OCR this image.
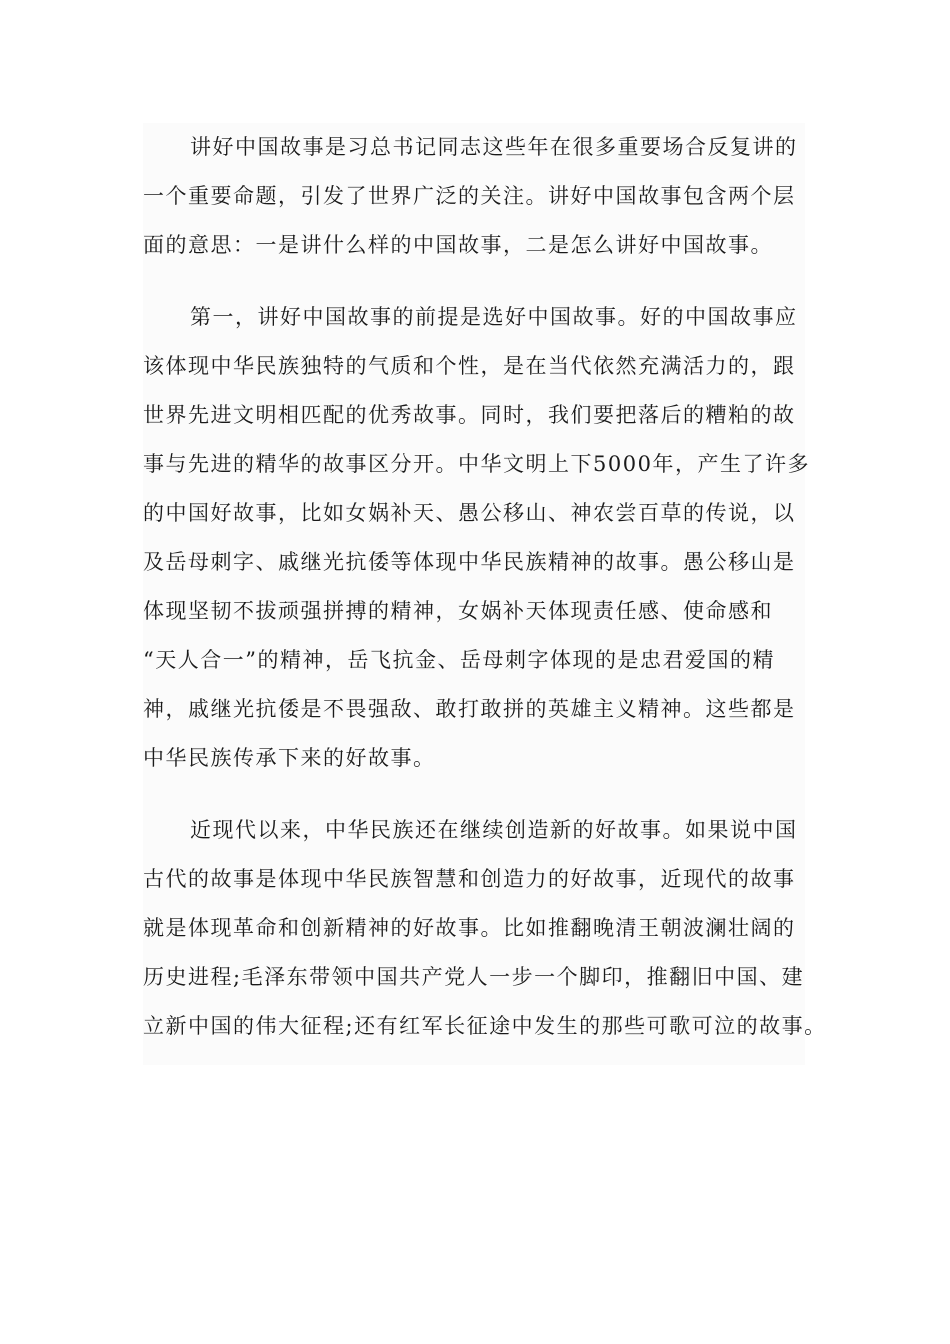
讲好中国故事是习总书记同志这些年在很多重要场合反复讲的
一个重要命题，引发了世界广泛的关注。讲好中国故事包含两个层
面的意思：一是讲什么样的中国故事，二是怎么讲好中国故事。
第一，讲好中国故事的前提是选好中国故事。好的中国故事应
该体现中华民族独特的气质和个性，是在当代依然充满活力的，跟
世界先进文明相匹配的优秀故事。同时，我们要把落后的糟粕的故
事与先进的精华的故事区分开。中华文明上下5000年，产生了许多
的中国好故事，比如女娲补天、愚公移山、神农尝百草的传说，以
及岳母刺字、戚继光抗倭等体现中华民族精神的故事。愚公移山是
体现坚韧不拔顽强拼搏的精神，女娲补天体现责任感、使命感和
“天人合一”的精神，岳飞抗金、岳母刺字体现的是忠君爱国的精
神，戚继光抗倭是不畏强敌、敢打敢拼的英雄主义精神。这些都是
中华民族传承下来的好故事。
近现代以来，中华民族还在继续创造新的好故事。如果说中国
古代的故事是体现中华民族智慧和创造力的好故事，近现代的故事
就是体现革命和创新精神的好故事。比如推翻晚清王朝波澜壮阔的
历史进程;毛泽东带领中国共产党人一步一个脚印，推翻旧中国、建
立新中国的伟大征程;还有红军长征途中发生的那些可歌可泣的故事。
